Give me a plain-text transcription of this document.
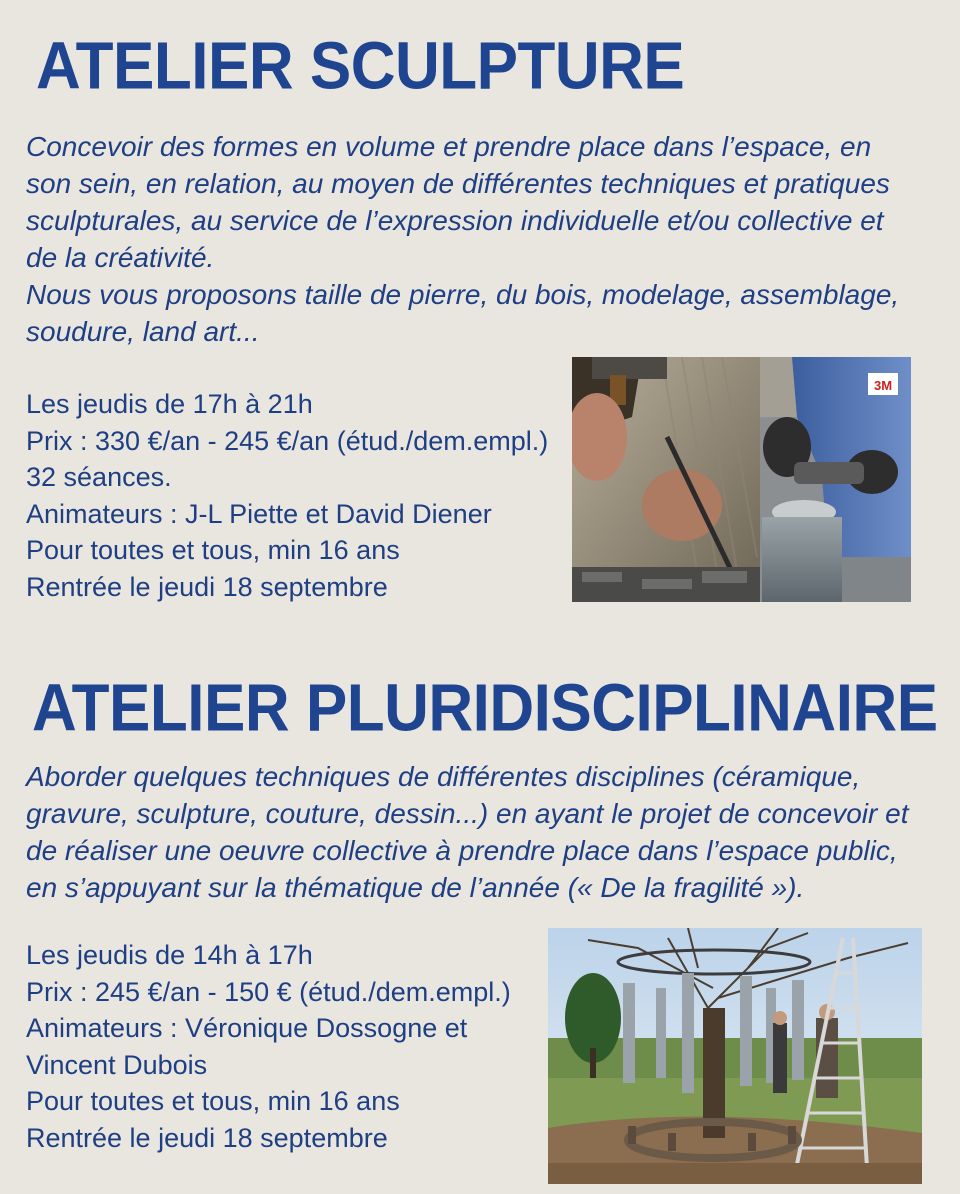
ATELIER SCULPTURE

Concevoir des formes en volume et prendre place dans l’espace, en son sein, en relation, au moyen de différentes techniques et pratiques sculpturales, au service de l’expression individuelle et/ou collective et de la créativité.

Nous vous proposons taille de pierre, du bois, modelage, assemblage, soudure, land art...

Les jeudis de 17h à 21h
Prix : 330 €/an - 245 €/an (étud./dem.empl.)
32 séances.
Animateurs : J-L Piette et David Diener
Pour toutes et tous, min 16 ans
Rentrée le jeudi 18 septembre
3M
ATELIER PLURIDISCIPLINAIRE

Aborder quelques techniques de différentes disciplines (céramique, gravure, sculpture, couture, dessin...) en ayant le projet de concevoir et de réaliser une oeuvre collective à prendre place dans l’espace public, en s’appuyant sur la thématique de l’année (« De la fragilité »).

Les jeudis de 14h à 17h
Prix : 245 €/an - 150 € (étud./dem.empl.)
Animateurs : Véronique Dossogne et
Vincent Dubois
Pour toutes et tous, min 16 ans
Rentrée le jeudi 18 septembre
